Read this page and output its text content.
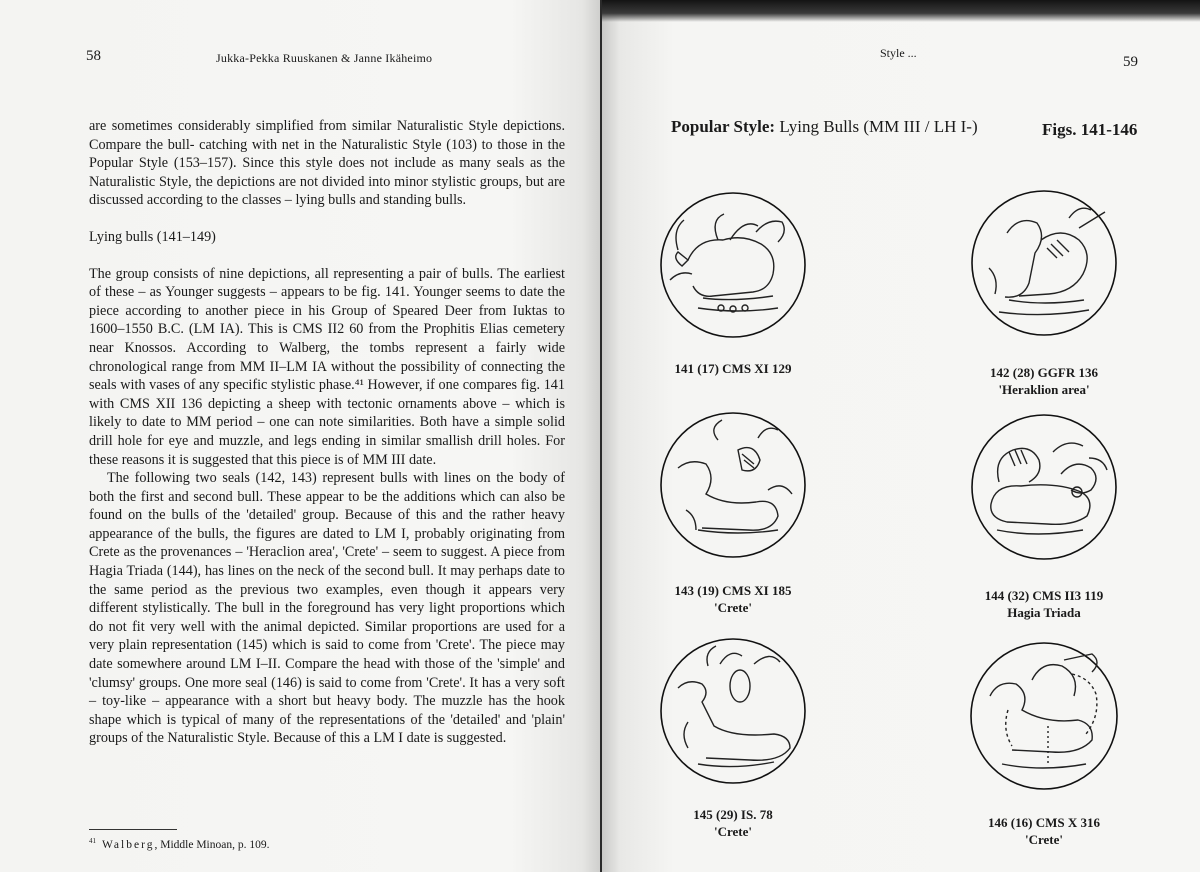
58	Jukka-Pekka Ruuskanen & Janne Ikäheimo

are sometimes considerably simplified from similar Naturalistic Style depictions. Compare the bull- catching with net in the Naturalistic Style (103) to those in the Popular Style (153–157). Since this style does not include as many seals as the Naturalistic Style, the depictions are not divided into minor stylistic groups, but are discussed according to the classes – lying bulls and standing bulls.

Lying bulls (141–149)

The group consists of nine depictions, all representing a pair of bulls. The earliest of these – as Younger suggests – appears to be fig. 141. Younger seems to date the piece according to another piece in his Group of Speared Deer from Iuktas to 1600–1550 B.C. (LM IA). This is CMS II2 60 from the Prophitis Elias cemetery near Knossos. According to Walberg, the tombs represent a fairly wide chronological range from MM II–LM IA without the possibility of connecting the seals with vases of any specific stylistic phase.⁴¹ However, if one compares fig. 141 with CMS XII 136 depicting a sheep with tectonic ornaments above – which is likely to date to MM period – one can note similarities. Both have a simple solid drill hole for eye and muzzle, and legs ending in similar smallish drill holes. For these reasons it is suggested that this piece is of MM III date.

The following two seals (142, 143) represent bulls with lines on the body of both the first and second bull. These appear to be the additions which can also be found on the bulls of the 'detailed' group. Because of this and the rather heavy appearance of the bulls, the figures are dated to LM I, probably originating from Crete as the provenances – 'Heraclion area', 'Crete' – seem to suggest. A piece from Hagia Triada (144), has lines on the neck of the second bull. It may perhaps date to the same period as the previous two examples, even though it appears very different stylistically. The bull in the foreground has very light proportions which do not fit very well with the animal depicted. Similar proportions are used for a very plain representation (145) which is said to come from 'Crete'. The piece may date somewhere around LM I–II. Compare the head with those of the 'simple' and 'clumsy' groups. One more seal (146) is said to come from 'Crete'. It has a very soft – toy-like – appearance with a short but heavy body. The muzzle has the hook shape which is typical of many of the representations of the 'detailed' and 'plain' groups of the Naturalistic Style. Because of this a LM I date is suggested.

$^{41}$ Walberg, Middle Minoan, p. 109.
Style ...
59
Popular Style: Lying Bulls (MM III / LH I-)	Figs. 141-146
141 (17) CMS XI 129	142 (28) GGFR 136
'Heraklion area'
143 (19) CMS XI 185
'Crete'
144 (32) CMS II3 119
Hagia Triada
145 (29) IS. 78
'Crete'
146 (16) CMS X 316
'Crete'
